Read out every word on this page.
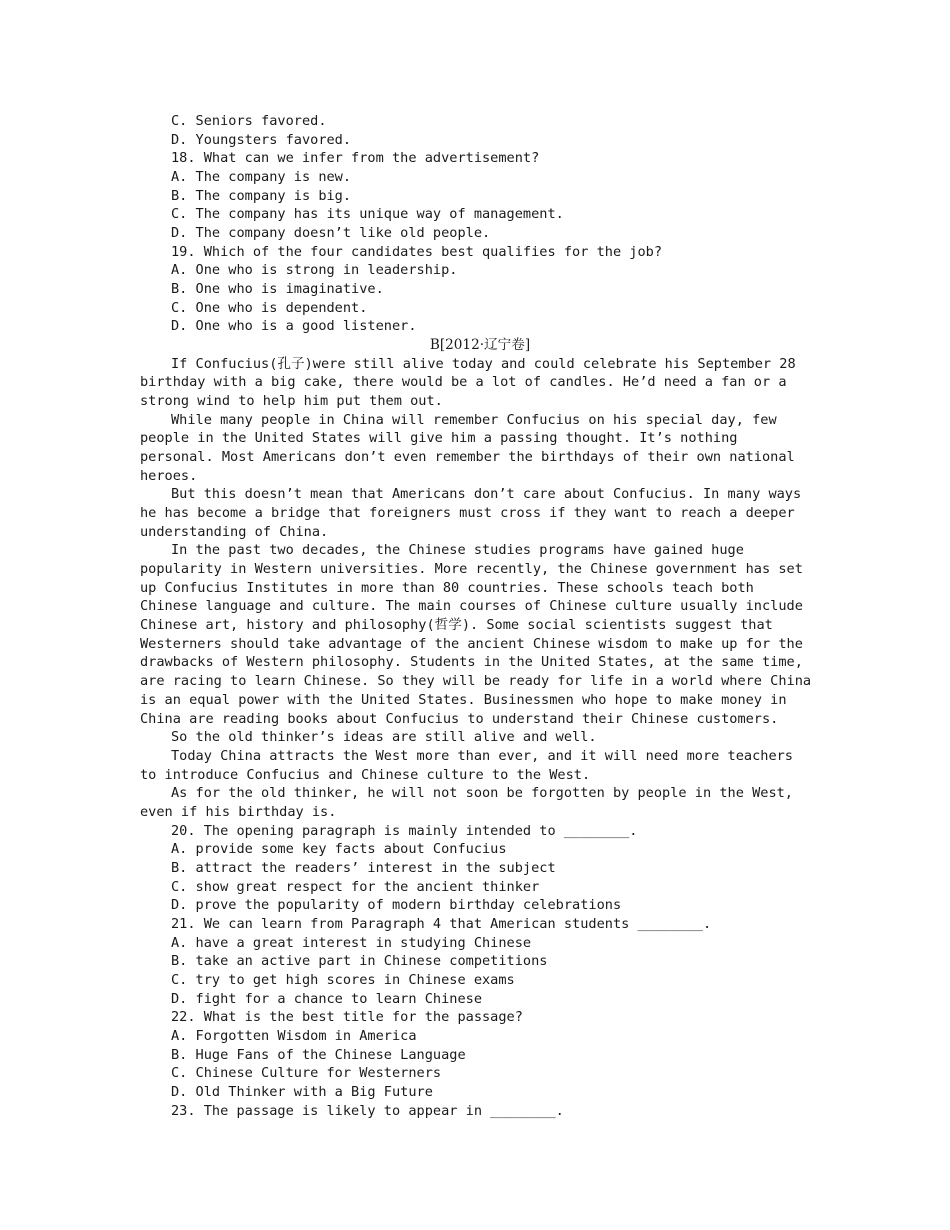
C. Seniors favored.
D. Youngsters favored.
18. What can we infer from the advertisement?
A. The company is new.
B. The company is big.
C. The company has its unique way of management.
D. The company doesn’t like old people.
19. Which of the four candidates best qualifies for the job?
A. One who is strong in leadership.
B. One who is imaginative.
C. One who is dependent.
D. One who is a good listener.
B[2012·辽宁卷]
If Confucius(孔子)were still alive today and could celebrate his September 28
birthday with a big cake, there would be a lot of candles. He’d need a fan or a
strong wind to help him put them out.
While many people in China will remember Confucius on his special day, few
people in the United States will give him a passing thought. It’s nothing
personal. Most Americans don’t even remember the birthdays of their own national
heroes.
But this doesn’t mean that Americans don’t care about Confucius. In many ways
he has become a bridge that foreigners must cross if they want to reach a deeper
understanding of China.
In the past two decades, the Chinese studies programs have gained huge
popularity in Western universities. More recently, the Chinese government has set
up Confucius Institutes in more than 80 countries. These schools teach both
Chinese language and culture. The main courses of Chinese culture usually include
Chinese art, history and philosophy(哲学). Some social scientists suggest that
Westerners should take advantage of the ancient Chinese wisdom to make up for the
drawbacks of Western philosophy. Students in the United States, at the same time,
are racing to learn Chinese. So they will be ready for life in a world where China
is an equal power with the United States. Businessmen who hope to make money in
China are reading books about Confucius to understand their Chinese customers.
So the old thinker’s ideas are still alive and well.
Today China attracts the West more than ever, and it will need more teachers
to introduce Confucius and Chinese culture to the West.
As for the old thinker, he will not soon be forgotten by people in the West,
even if his birthday is.
20. The opening paragraph is mainly intended to ________.
A. provide some key facts about Confucius
B. attract the readers’ interest in the subject
C. show great respect for the ancient thinker
D. prove the popularity of modern birthday celebrations
21. We can learn from Paragraph 4 that American students ________.
A. have a great interest in studying Chinese
B. take an active part in Chinese competitions
C. try to get high scores in Chinese exams
D. fight for a chance to learn Chinese
22. What is the best title for the passage?
A. Forgotten Wisdom in America
B. Huge Fans of the Chinese Language
C. Chinese Culture for Westerners
D. Old Thinker with a Big Future
23. The passage is likely to appear in ________.
